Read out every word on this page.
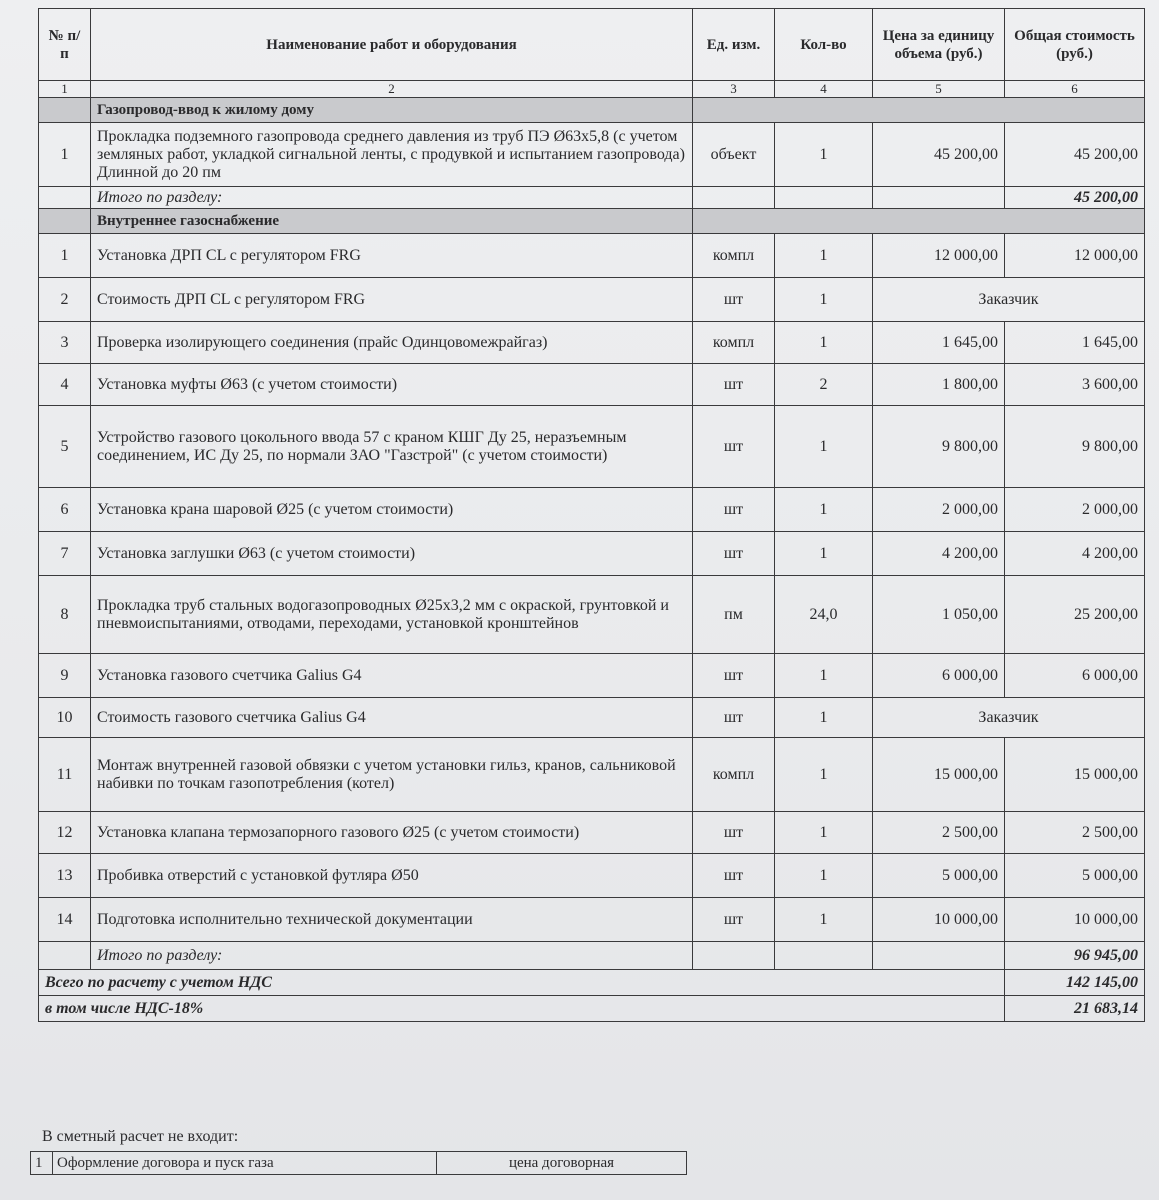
№ п/п	Наименование работ и оборудования	Ед. изм.	Кол-во	Цена за единицу объема (руб.)	Общая стоимость (руб.)
1	2	3	4	5	6
	Газопровод-ввод к жилому дому				
1	Прокладка подземного газопровода среднего давления из труб ПЭ Ø63х5,8 (с учетом земляных работ, укладкой сигнальной ленты, с продувкой и испытанием газопровода) Длинной до 20 пм	объект	1	45 200,00	45 200,00
	Итого по разделу:				45 200,00
	Внутреннее газоснабжение				
1	Установка ДРП CL с регулятором FRG	компл	1	12 000,00	12 000,00
2	Стоимость ДРП CL с регулятором FRG	шт	1	Заказчик	
3	Проверка изолирующего соединения (прайс Одинцовомежрайгаз)	компл	1	1 645,00	1 645,00
4	Установка муфты Ø63 (с учетом стоимости)	шт	2	1 800,00	3 600,00
5	Устройство газового цокольного ввода 57 с краном КШГ Ду 25, неразъемным соединением, ИС Ду 25, по нормали ЗАО "Газстрой" (с учетом стоимости)	шт	1	9 800,00	9 800,00
6	Установка крана шаровой Ø25 (с учетом стоимости)	шт	1	2 000,00	2 000,00
7	Установка заглушки Ø63 (с учетом стоимости)	шт	1	4 200,00	4 200,00
8	Прокладка труб стальных водогазопроводных Ø25х3,2 мм с окраской, грунтовкой и пневмоиспытаниями, отводами, переходами, установкой кронштейнов	пм	24,0	1 050,00	25 200,00
9	Установка газового счетчика Galius G4	шт	1	6 000,00	6 000,00
10	Стоимость газового счетчика Galius G4	шт	1	Заказчик	
11	Монтаж внутренней газовой обвязки с учетом установки гильз, кранов, сальниковой набивки по точкам газопотребления (котел)	компл	1	15 000,00	15 000,00
12	Установка клапана термозапорного газового Ø25 (с учетом стоимости)	шт	1	2 500,00	2 500,00
13	Пробивка отверстий с установкой футляра Ø50	шт	1	5 000,00	5 000,00
14	Подготовка исполнительно технической документации	шт	1	10 000,00	10 000,00
	Итого по разделу:				96 945,00
Всего по расчету с учетом НДС					142 145,00
в том числе НДС-18%					21 683,14
В сметный расчет не входит:
1	Оформление договора и пуск газа	цена договорная
